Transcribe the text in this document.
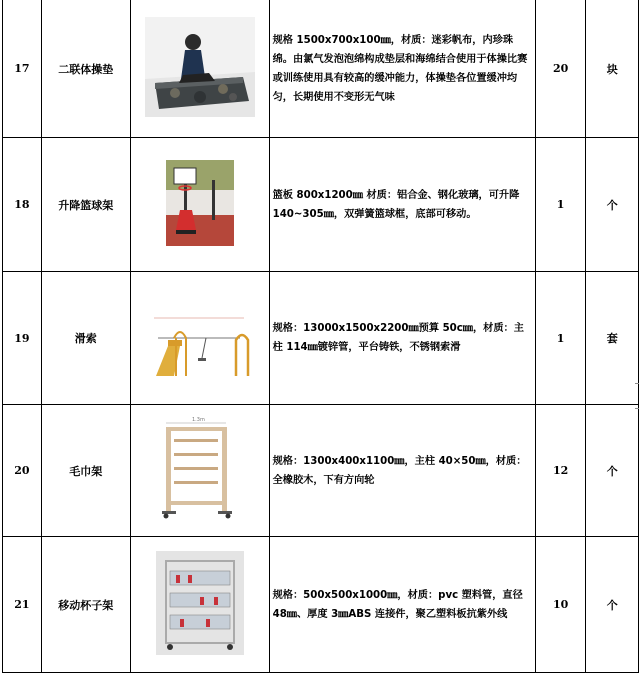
17	二联体操垫		规格 1500x700x100㎜，材质：迷彩帆布，内珍珠绵。由氯气发泡泡绵构成垫层和海绵结合使用于体操比赛或训练使用具有较高的缓冲能力，体操垫各位置缓冲均匀，长期使用不变形无气味	20	块
18	升降篮球架		篮板 800x1200㎜ 材质：铝合金、钢化玻璃，可升降 140~305㎜，双弹簧篮球框，底部可移动。	1	个
19	滑索		规格：13000x1500x2200㎜预算 50c㎜，材质：主柱 114㎜镀锌管，平台铸铁，不锈钢索滑	1	套
20	毛巾架	1.3m	规格：1300x400x1100㎜，主柱 40×50㎜，材质：全橡胶木，下有方向轮	12	个
21	移动杯子架		规格：500x500x1000㎜，材质：pvc 塑料管，直径 48㎜、厚度 3㎜ABS 连接件，聚乙塑料板抗紫外线	10	个
